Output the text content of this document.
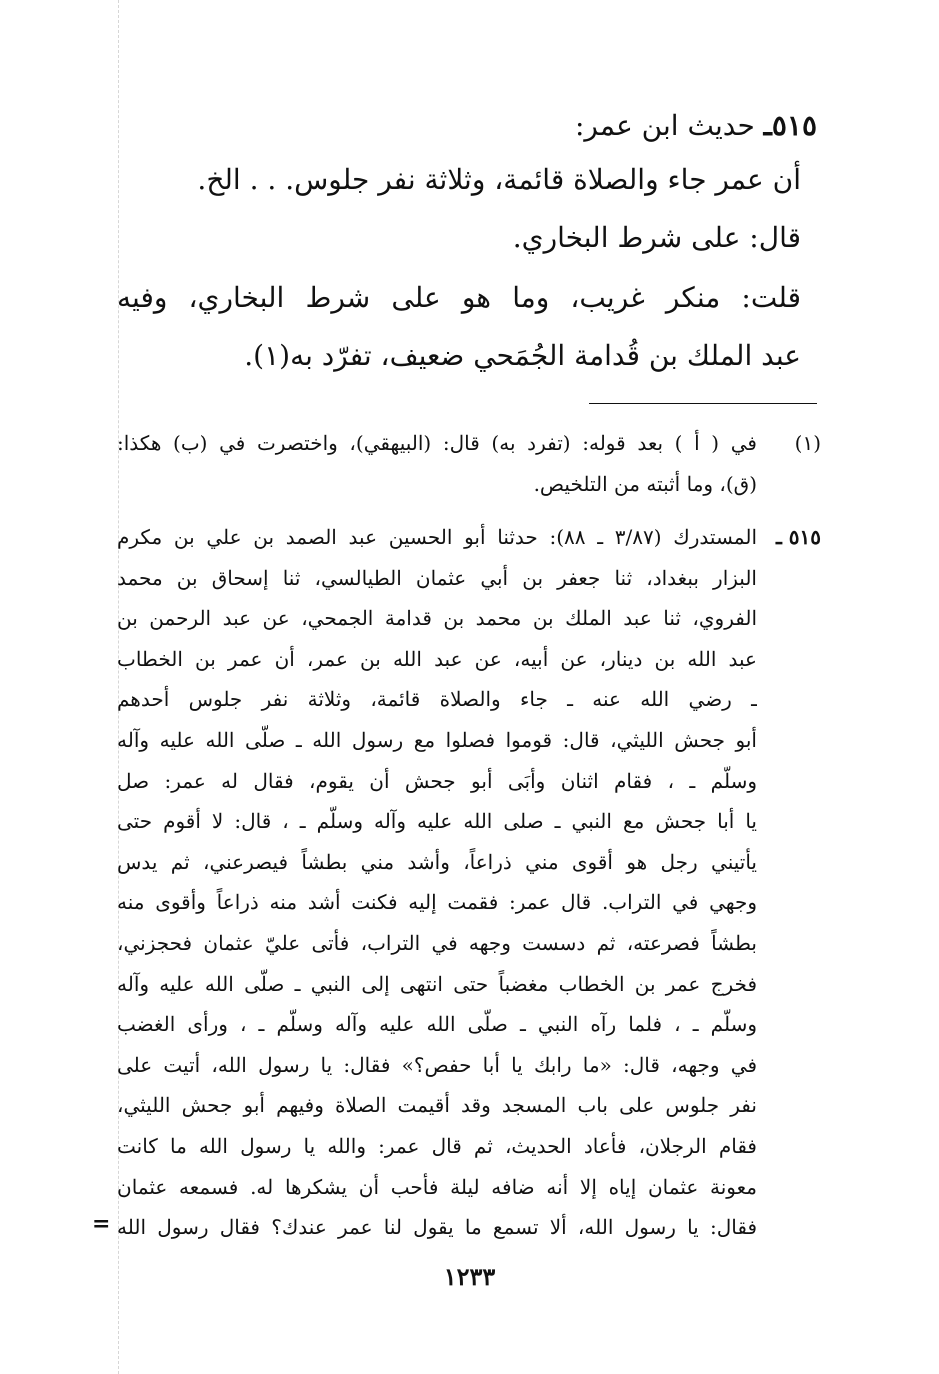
٥١٥ـ حديث ابن عمر:
أن عمر جاء والصلاة قائمة، وثلاثة نفر جلوس. . . الخ.
قال: على شرط البخاري.
قلت: منكر غريب، وما هو على شرط البخاري، وفيه
عبد الملك بن قُدامة الجُمَحي ضعيف، تفرّد به(١).
(١)
في ( أ ) بعد قوله: (تفرد به) قال: (البيهقي)، واختصرت في (ب) هكذا:
(ق)، وما أثبته من التلخيص.
٥١٥ ـ
المستدرك (٣/٨٧ ـ ٨٨): حدثنا أبو الحسين عبد الصمد بن علي بن مكرم
البزار ببغداد، ثنا جعفر بن أبي عثمان الطيالسي، ثنا إسحاق بن محمد
الفروي، ثنا عبد الملك بن محمد بن قدامة الجمحي، عن عبد الرحمن بن
عبد الله بن دينار، عن أبيه، عن عبد الله بن عمر، أن عمر بن الخطاب
ـ رضي الله عنه ـ جاء والصلاة قائمة، وثلاثة نفر جلوس أحدهم
أبو جحش الليثي، قال: قوموا فصلوا مع رسول الله ـ صلّى الله عليه وآله
وسلّم ـ ، فقام اثنان وأبَى أبو جحش أن يقوم، فقال له عمر: صل
يا أبا جحش مع النبي ـ صلى الله عليه وآله وسلّم ـ ، قال: لا أقوم حتى
يأتيني رجل هو أقوى مني ذراعاً، وأشد مني بطشاً فيصرعني، ثم يدس
وجهي في التراب. قال عمر: فقمت إليه فكنت أشد منه ذراعاً وأقوى منه
بطشاً فصرعته، ثم دسست وجهه في التراب، فأتى عليّ عثمان فحجزني،
فخرج عمر بن الخطاب مغضباً حتى انتهى إلى النبي ـ صلّى الله عليه وآله
وسلّم ـ ، فلما رآه النبي ـ صلّى الله عليه وآله وسلّم ـ ، ورأى الغضب
في وجهه، قال: «ما رابك يا أبا حفص؟» فقال: يا رسول الله، أتيت على
نفر جلوس على باب المسجد وقد أقيمت الصلاة وفيهم أبو جحش الليثي،
فقام الرجلان، فأعاد الحديث، ثم قال عمر: والله يا رسول الله ما كانت
معونة عثمان إياه إلا أنه ضافه ليلة فأحب أن يشكرها له. فسمعه عثمان
فقال: يا رسول الله، ألا تسمع ما يقول لنا عمر عندك؟ فقال رسول الله
=
١٢٣٣
